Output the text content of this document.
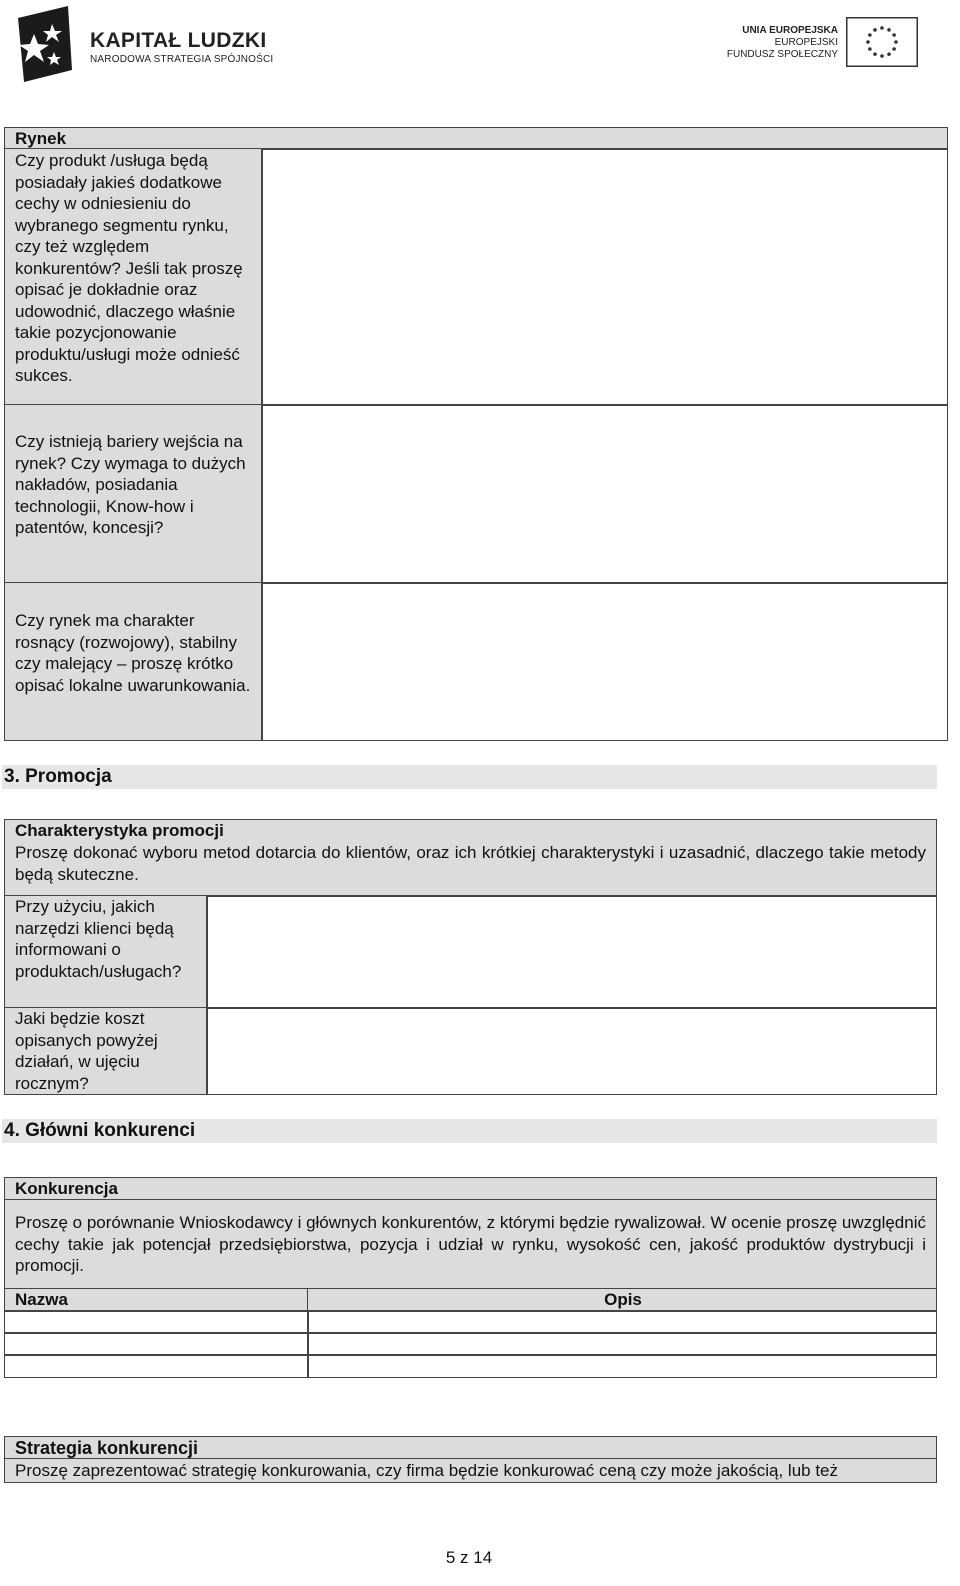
KAPITAŁ LUDZKI
NARODOWA STRATEGIA SPÓJNOŚCI
UNIA EUROPEJSKA
EUROPEJSKI
FUNDUSZ SPOŁECZNY
Rynek
Czy produkt /usługa będą posiadały jakieś dodatkowe cechy w odniesieniu do wybranego segmentu rynku, czy też względem konkurentów? Jeśli tak proszę opisać je dokładnie oraz udowodnić, dlaczego właśnie takie pozycjonowanie produktu/usługi może odnieść sukces.
Czy istnieją bariery wejścia na rynek? Czy wymaga to dużych nakładów, posiadania technologii, Know-how i patentów, koncesji?
Czy rynek ma charakter rosnący (rozwojowy), stabilny czy malejący – proszę krótko opisać lokalne uwarunkowania.
3. Promocja
Charakterystyka promocji
Proszę dokonać wyboru metod dotarcia do klientów, oraz ich krótkiej charakterystyki i uzasadnić, dlaczego takie metody będą skuteczne.
Przy użyciu, jakich narzędzi klienci będą informowani o produktach/usługach?
Jaki będzie koszt opisanych powyżej działań, w ujęciu rocznym?
4. Główni konkurenci
Konkurencja
Proszę o porównanie Wnioskodawcy i głównych konkurentów, z którymi będzie rywalizował. W ocenie proszę uwzględnić cechy takie jak potencjał przedsiębiorstwa, pozycja i udział w rynku, wysokość cen, jakość produktów dystrybucji i promocji.
Nazwa	Opis
Strategia konkurencji
Proszę zaprezentować strategię konkurowania, czy firma będzie konkurować ceną czy może jakością, lub też
5 z 14
